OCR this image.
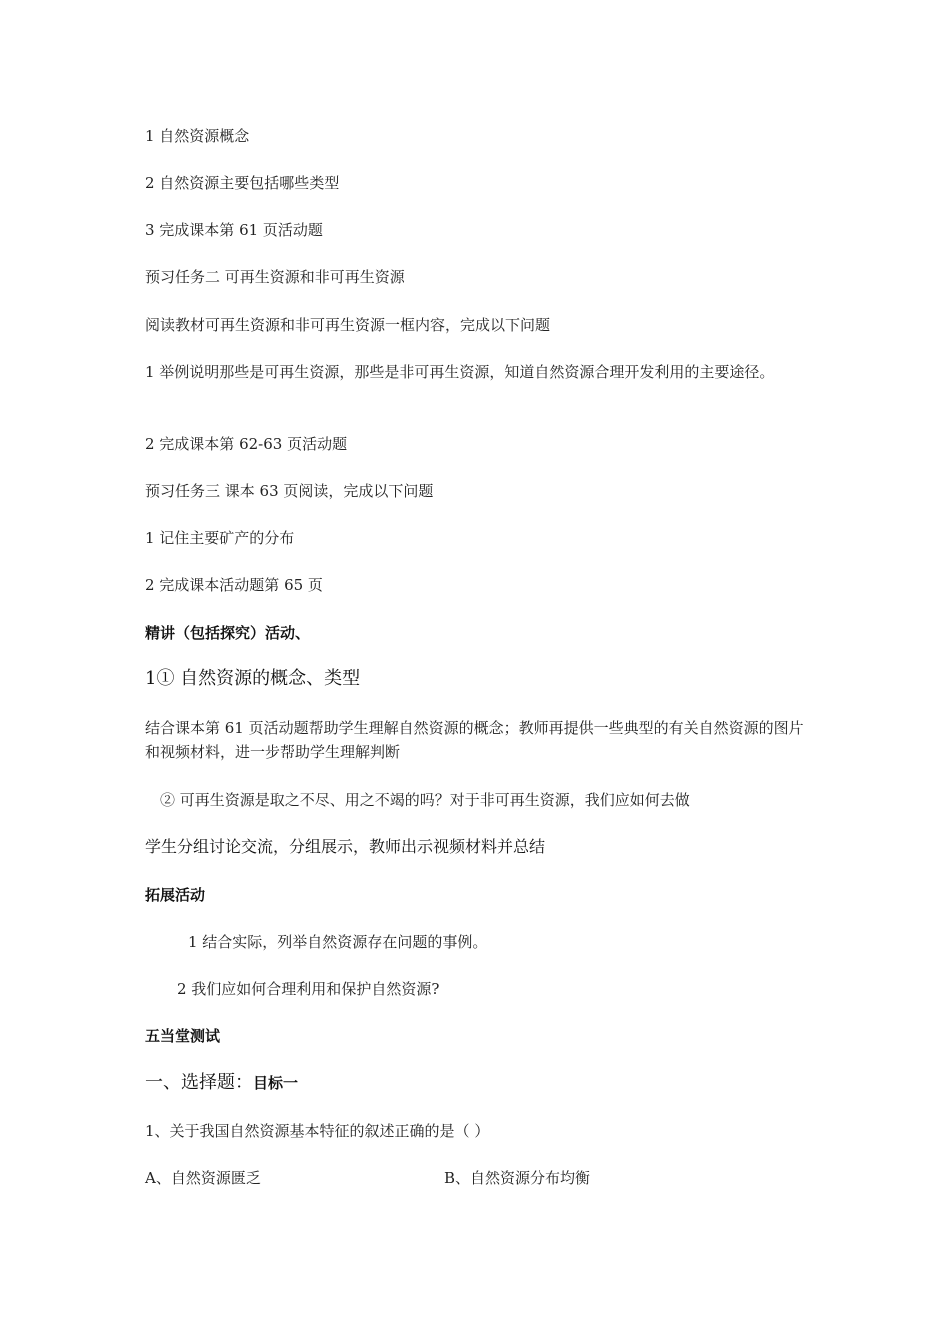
1 自然资源概念
2 自然资源主要包括哪些类型
3 完成课本第 61 页活动题
预习任务二 可再生资源和非可再生资源
阅读教材可再生资源和非可再生资源一框内容，完成以下问题
1 举例说明那些是可再生资源，那些是非可再生资源，知道自然资源合理开发利用的主要途径。
2 完成课本第 62-63 页活动题
预习任务三 课本 63 页阅读，完成以下问题
1 记住主要矿产的分布
2 完成课本活动题第 65 页
精讲（包括探究）活动、
1① 自然资源的概念、类型
结合课本第 61 页活动题帮助学生理解自然资源的概念；教师再提供一些典型的有关自然资源的图片和视频材料，进一步帮助学生理解判断
② 可再生资源是取之不尽、用之不竭的吗？对于非可再生资源，我们应如何去做
学生分组讨论交流，分组展示，教师出示视频材料并总结
拓展活动
1 结合实际，列举自然资源存在问题的事例。
2 我们应如何合理利用和保护自然资源?
五当堂测试
一、选择题：目标一
1、关于我国自然资源基本特征的叙述正确的是（ ）
A、自然资源匮乏	B、自然资源分布均衡
